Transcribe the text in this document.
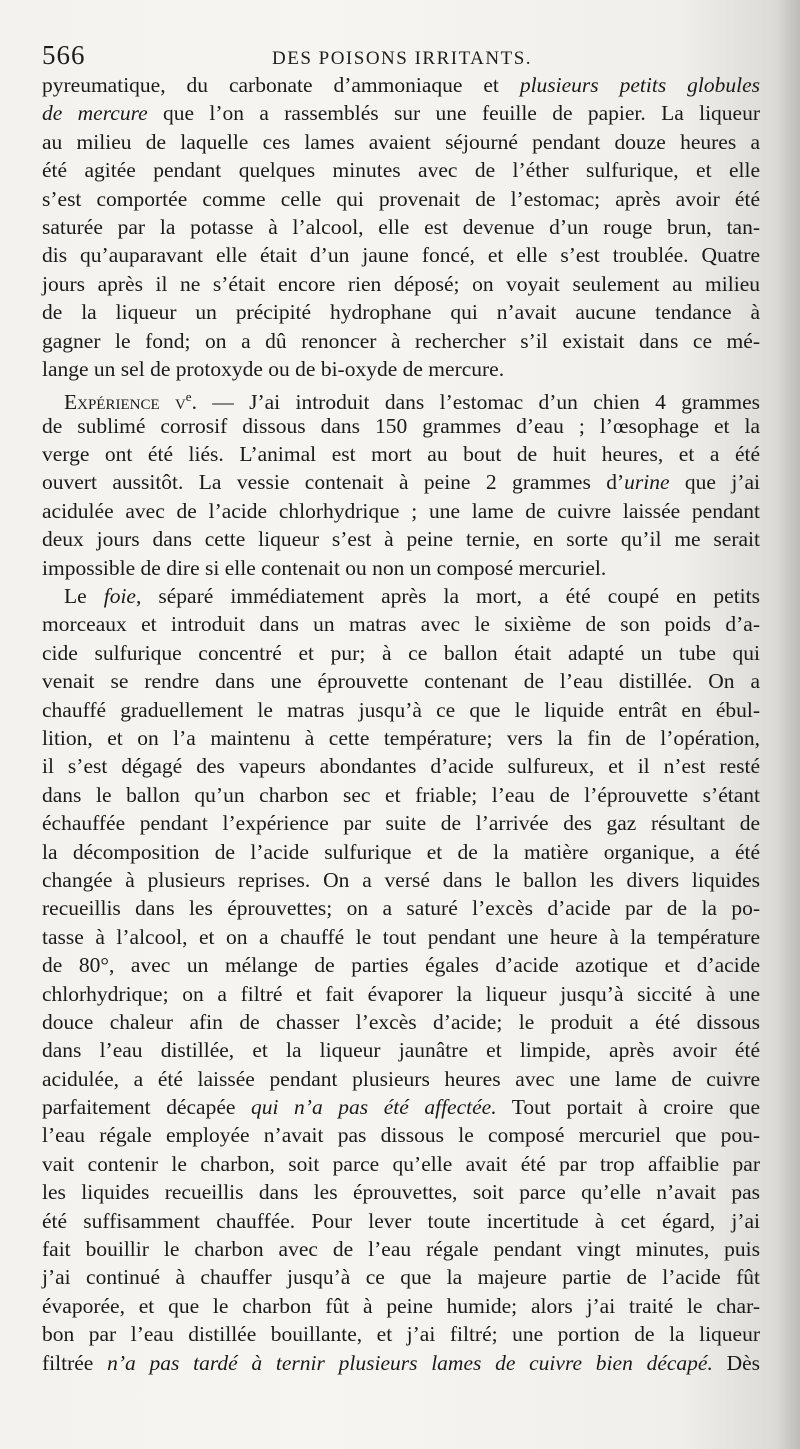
566	DES POISONS IRRITANTS.
pyreumatique, du carbonate d’ammoniaque et plusieurs petits globules
de mercure que l’on a rassemblés sur une feuille de papier. La liqueur
au milieu de laquelle ces lames avaient séjourné pendant douze heures a
été agitée pendant quelques minutes avec de l’éther sulfurique, et elle
s’est comportée comme celle qui provenait de l’estomac; après avoir été
saturée par la potasse à l’alcool, elle est devenue d’un rouge brun, tan-
dis qu’auparavant elle était d’un jaune foncé, et elle s’est troublée. Quatre
jours après il ne s’était encore rien déposé; on voyait seulement au milieu
de la liqueur un précipité hydrophane qui n’avait aucune tendance à
gagner le fond; on a dû renoncer à rechercher s’il existait dans ce mé-
lange un sel de protoxyde ou de bi-oxyde de mercure.
Expérience $v^e$. — J’ai introduit dans l’estomac d’un chien 4 grammes
de sublimé corrosif dissous dans 150 grammes d’eau ; l’œsophage et la
verge ont été liés. L’animal est mort au bout de huit heures, et a été
ouvert aussitôt. La vessie contenait à peine 2 grammes d’urine que j’ai
acidulée avec de l’acide chlorhydrique ; une lame de cuivre laissée pendant
deux jours dans cette liqueur s’est à peine ternie, en sorte qu’il me serait
impossible de dire si elle contenait ou non un composé mercuriel.
Le foie, séparé immédiatement après la mort, a été coupé en petits
morceaux et introduit dans un matras avec le sixième de son poids d’a-
cide sulfurique concentré et pur; à ce ballon était adapté un tube qui
venait se rendre dans une éprouvette contenant de l’eau distillée. On a
chauffé graduellement le matras jusqu’à ce que le liquide entrât en ébul-
lition, et on l’a maintenu à cette température; vers la fin de l’opération,
il s’est dégagé des vapeurs abondantes d’acide sulfureux, et il n’est resté
dans le ballon qu’un charbon sec et friable; l’eau de l’éprouvette s’étant
échauffée pendant l’expérience par suite de l’arrivée des gaz résultant de
la décomposition de l’acide sulfurique et de la matière organique, a été
changée à plusieurs reprises. On a versé dans le ballon les divers liquides
recueillis dans les éprouvettes; on a saturé l’excès d’acide par de la po-
tasse à l’alcool, et on a chauffé le tout pendant une heure à la température
de 80°, avec un mélange de parties égales d’acide azotique et d’acide
chlorhydrique; on a filtré et fait évaporer la liqueur jusqu’à siccité à une
douce chaleur afin de chasser l’excès d’acide; le produit a été dissous
dans l’eau distillée, et la liqueur jaunâtre et limpide, après avoir été
acidulée, a été laissée pendant plusieurs heures avec une lame de cuivre
parfaitement décapée qui n’a pas été affectée. Tout portait à croire que
l’eau régale employée n’avait pas dissous le composé mercuriel que pou-
vait contenir le charbon, soit parce qu’elle avait été par trop affaiblie par
les liquides recueillis dans les éprouvettes, soit parce qu’elle n’avait pas
été suffisamment chauffée. Pour lever toute incertitude à cet égard, j’ai
fait bouillir le charbon avec de l’eau régale pendant vingt minutes, puis
j’ai continué à chauffer jusqu’à ce que la majeure partie de l’acide fût
évaporée, et que le charbon fût à peine humide; alors j’ai traité le char-
bon par l’eau distillée bouillante, et j’ai filtré; une portion de la liqueur
filtrée n’a pas tardé à ternir plusieurs lames de cuivre bien décapé. Dès
